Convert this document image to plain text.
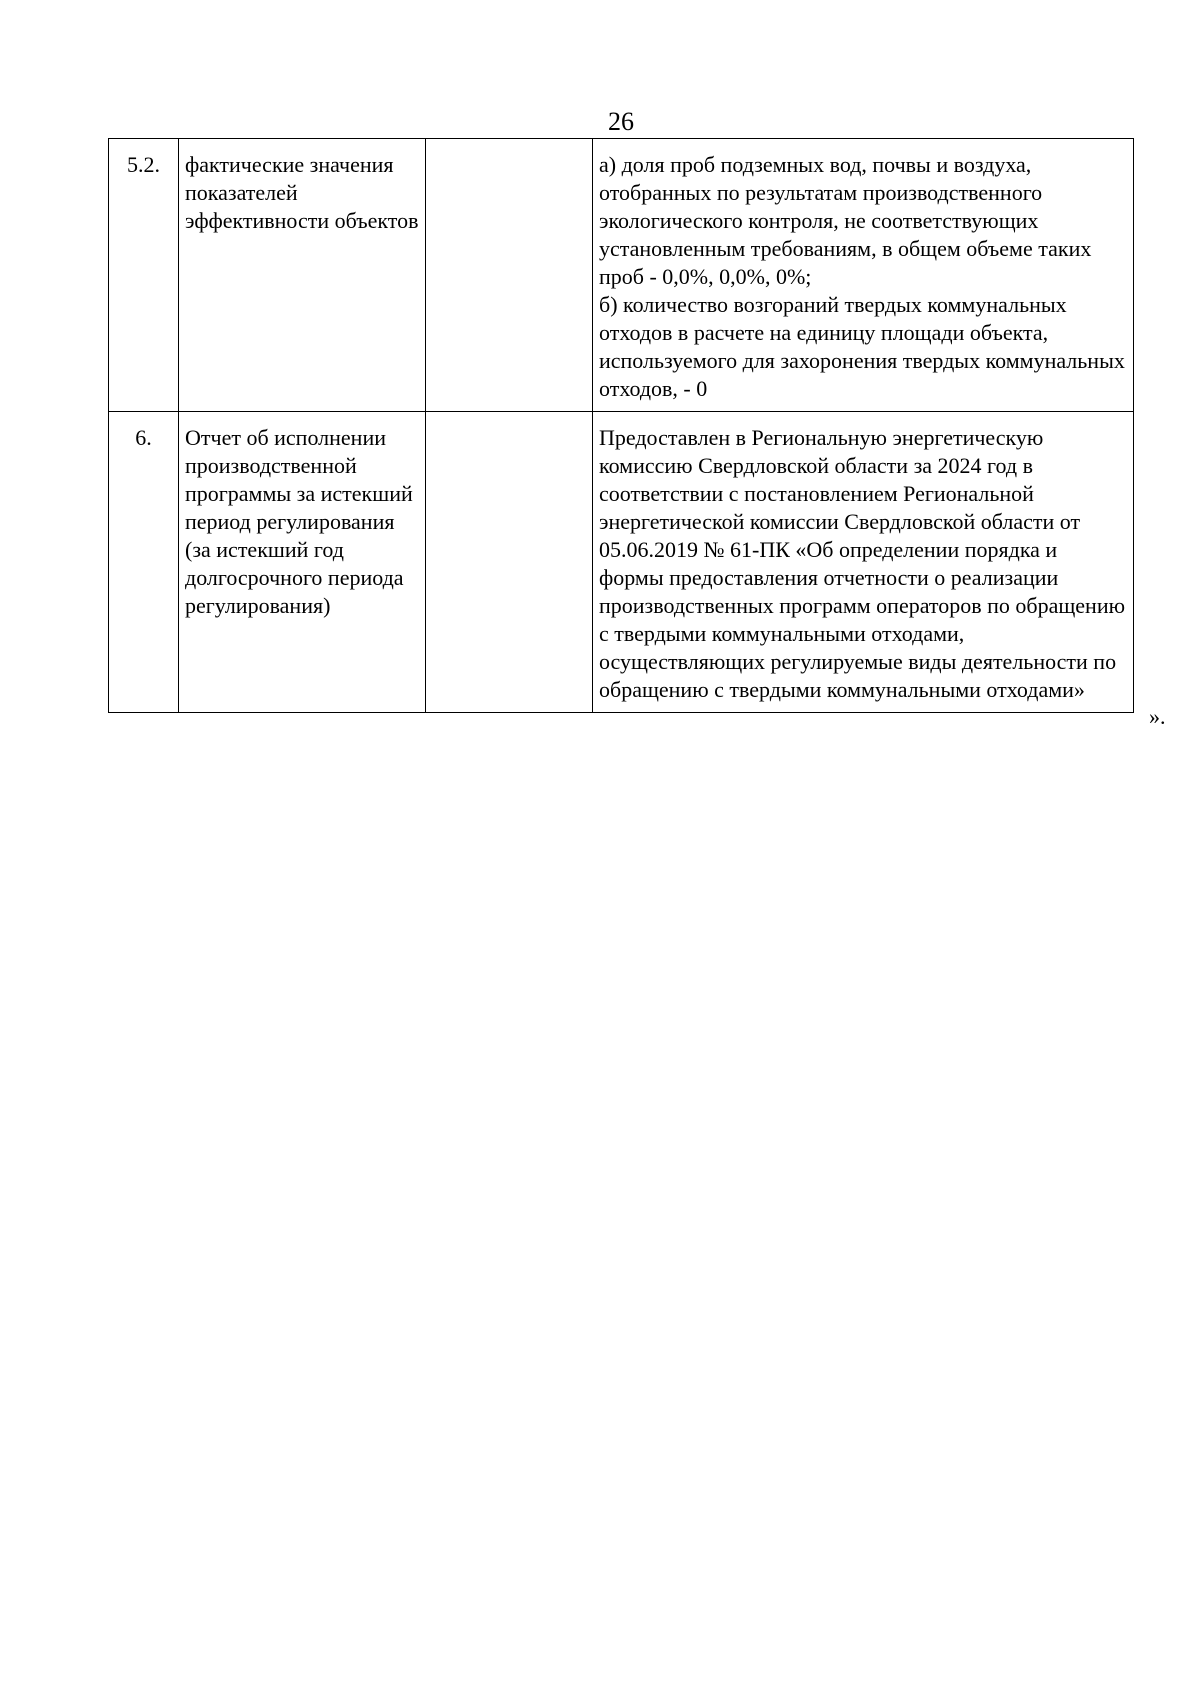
26
5.2.	фактические значения показателей эффективности объектов		а) доля проб подземных вод, почвы и воздуха, отобранных по результатам производственного экологического контроля, не соответствующих установленным требованиям, в общем объеме таких проб - 0,0%, 0,0%, 0%;
б) количество возгораний твердых коммунальных отходов в расчете на единицу площади объекта, используемого для захоронения твердых коммунальных отходов, - 0

6.	Отчет об исполнении производственной программы за истекший период регулирования (за истекший год долгосрочного периода регулирования)		Предоставлен в Региональную энергетическую комиссию Свердловской области за 2024 год в соответствии с постановлением Региональной энергетической комиссии Свердловской области от 05.06.2019 № 61-ПК «Об определении порядка и формы предоставления отчетности о реализации производственных программ операторов по обращению с твердыми коммунальными отходами, осуществляющих регулируемые виды деятельности по обращению с твердыми коммунальными отходами»
».
